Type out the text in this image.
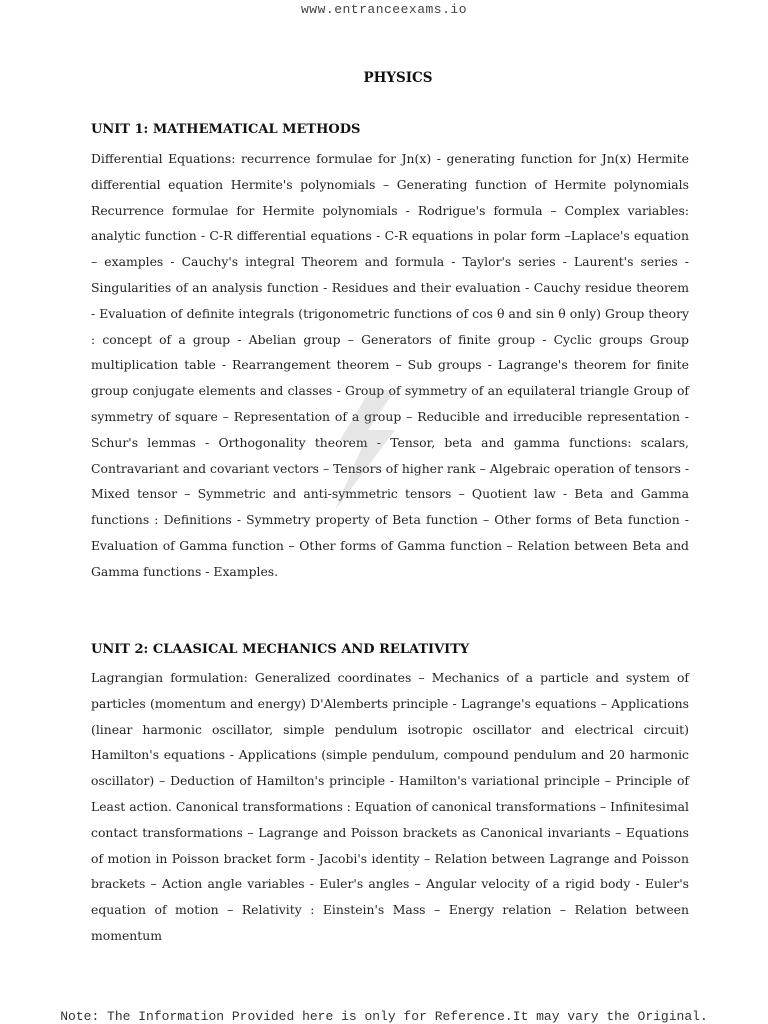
www.entranceexams.io
PHYSICS
UNIT 1: MATHEMATICAL METHODS

Differential Equations: recurrence formulae for Jn(x) - generating function for Jn(x) Hermite differential equation Hermite's polynomials – Generating function of Hermite polynomials Recurrence formulae for Hermite polynomials - Rodrigue's formula – Complex variables: analytic function - C-R differential equations - C-R equations in polar form –Laplace's equation – examples - Cauchy's integral Theorem and formula - Taylor's series - Laurent's series - Singularities of an analysis function - Residues and their evaluation - Cauchy residue theorem - Evaluation of definite integrals (trigonometric functions of cos θ and sin θ only) Group theory : concept of a group - Abelian group – Generators of finite group - Cyclic groups Group multiplication table - Rearrangement theorem – Sub groups - Lagrange's theorem for finite group conjugate elements and classes - Group of symmetry of an equilateral triangle Group of symmetry of square – Representation of a group – Reducible and irreducible representation - Schur's lemmas - Orthogonality theorem - Tensor, beta and gamma functions: scalars, Contravariant and covariant vectors – Tensors of higher rank – Algebraic operation of tensors - Mixed tensor – Symmetric and anti-symmetric tensors – Quotient law - Beta and Gamma functions : Definitions - Symmetry property of Beta function – Other forms of Beta function - Evaluation of Gamma function – Other forms of Gamma function – Relation between Beta and Gamma functions - Examples.

UNIT 2: CLAASICAL MECHANICS AND RELATIVITY

Lagrangian formulation: Generalized coordinates – Mechanics of a particle and system of particles (momentum and energy) D'Alemberts principle - Lagrange's equations – Applications (linear harmonic oscillator, simple pendulum isotropic oscillator and electrical circuit) Hamilton's equations - Applications (simple pendulum, compound pendulum and 20 harmonic oscillator) – Deduction of Hamilton's principle - Hamilton's variational principle – Principle of Least action. Canonical transformations : Equation of canonical transformations – Infinitesimal contact transformations – Lagrange and Poisson brackets as Canonical invariants – Equations of motion in Poisson bracket form - Jacobi's identity – Relation between Lagrange and Poisson brackets – Action angle variables - Euler's angles – Angular velocity of a rigid body - Euler's equation of motion – Relativity : Einstein's Mass – Energy relation – Relation between momentum

Note: The Information Provided here is only for Reference.It may vary the Original.
